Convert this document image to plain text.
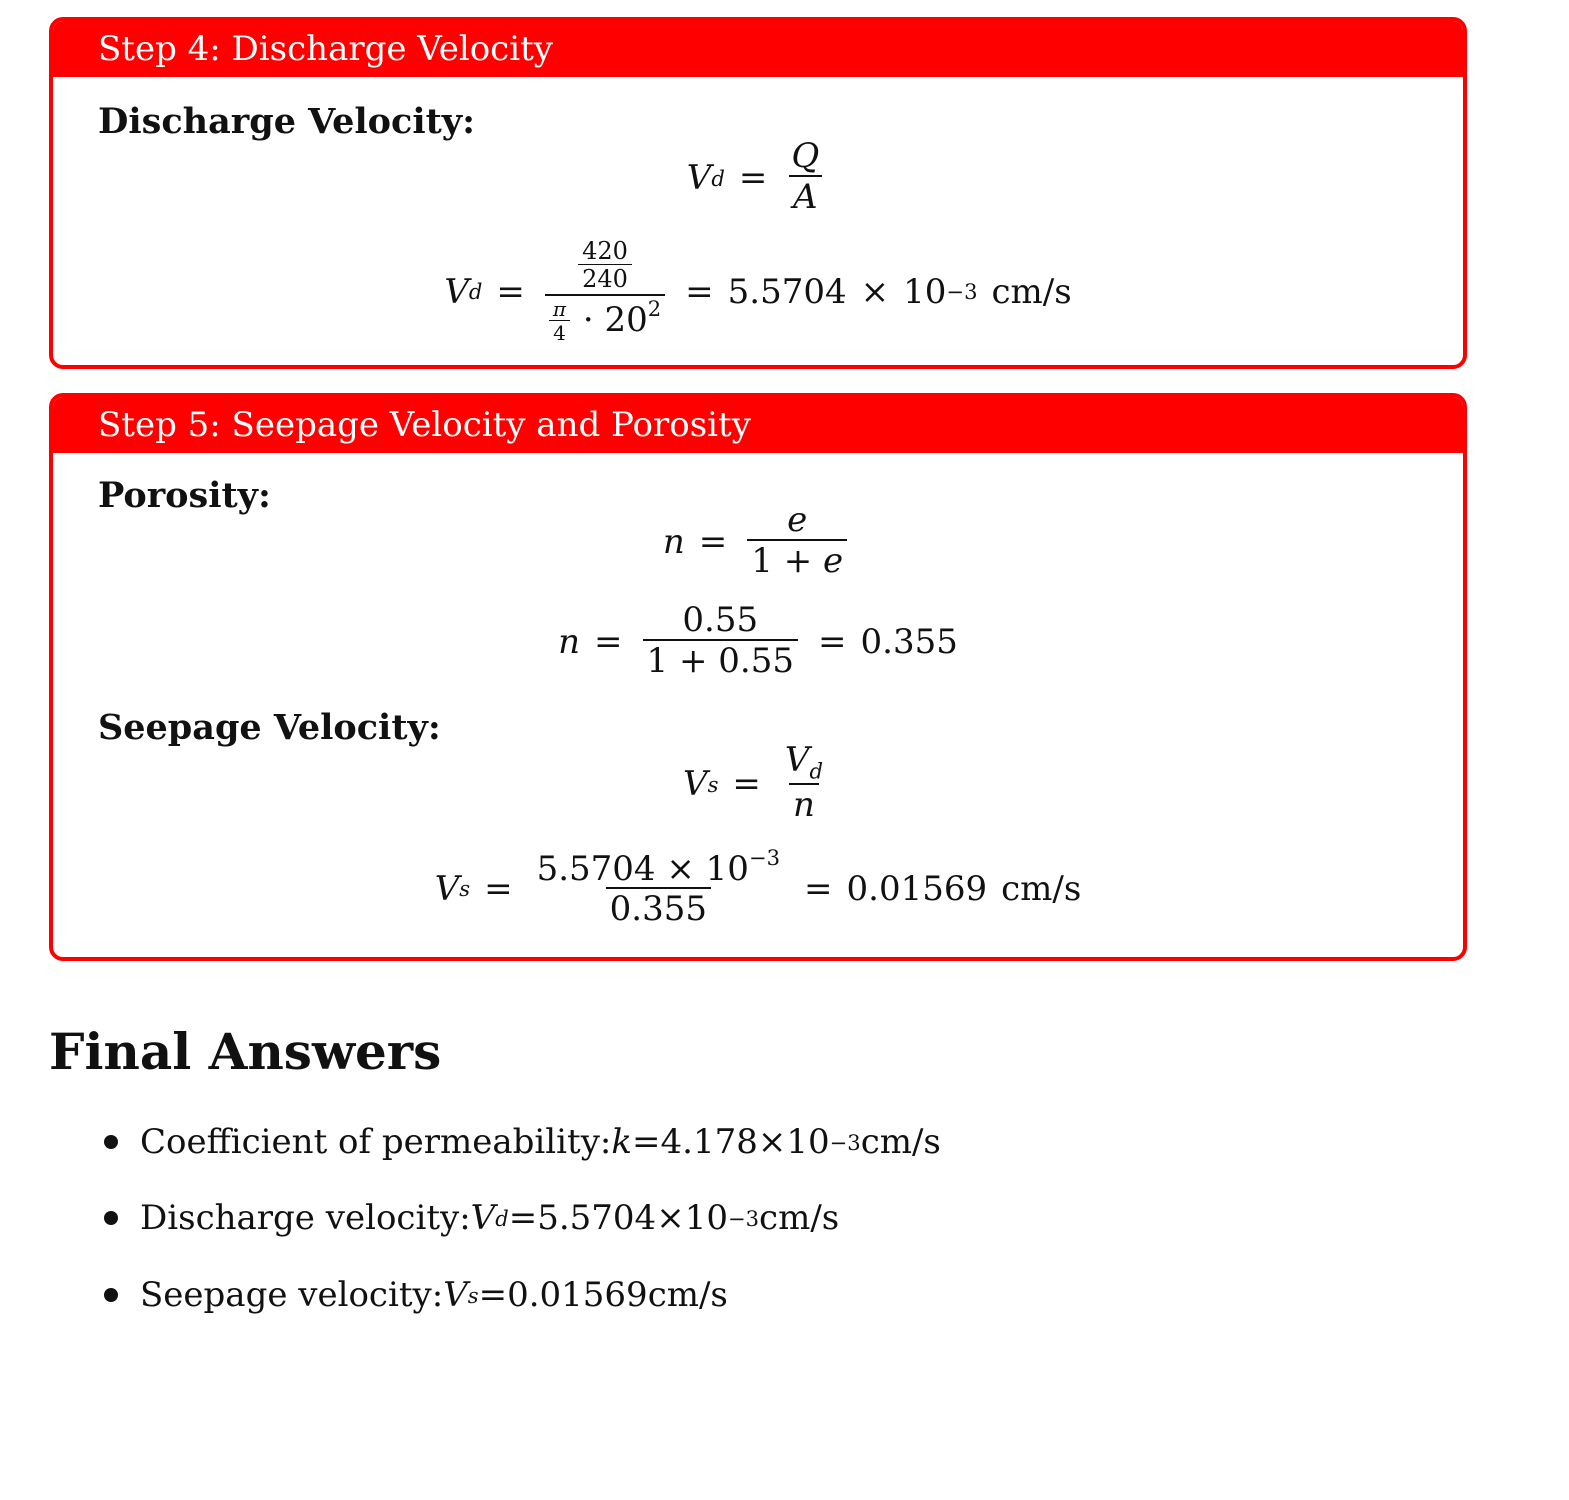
Step 4: Discharge Velocity
Discharge Velocity:
V $d = \frac{Q}{A}$
V $d = \frac{\frac{420}{240}}{\frac{\pi}{4} \cdot 20^2} = 5.5704 \times 10 -3$ cm/s
Step 5: Seepage Velocity and Porosity
Porosity:
$n = \frac{e}{1 + e}$
$n = \frac{0.55}{1 + 0.55} = 0.355$
Seepage Velocity:
V $s = \frac{V_d}{n}$
V $s = \frac{5.5704 \times 10^{-3}}{0.355} = 0.01569$ cm/s
Final Answers
Coefficient of permeability: k = 4.178 × 10 −3 cm/s
Discharge velocity: V d = 5.5704 × 10 −3 cm/s
Seepage velocity: V s = 0.01569 cm/s
